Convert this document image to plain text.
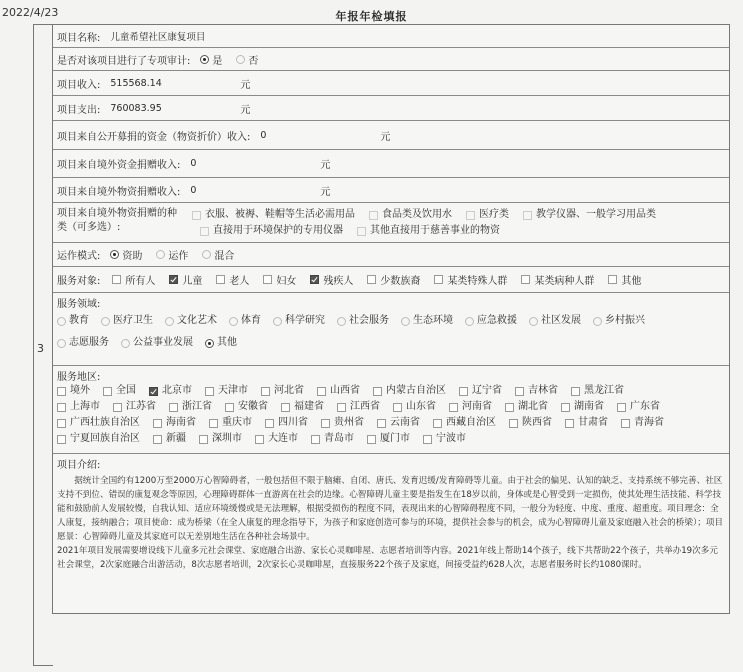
2022/4/23	年报年检填报
3
项目名称: 儿童希望社区康复项目
是否对该项目进行了专项审计: 是	否
项目收入: 515568.14	元
项目支出: 760083.95	元
项目来自公开募捐的资金（物资折价）收入: 0	元
项目来自境外资金捐赠收入: 0	元
项目来自境外物资捐赠收入: 0	元
项目来自境外物资捐赠的种
类（可多选）:
衣服、被褥、鞋帽等生活必需用品	食品类及饮用水	医疗类	教学仪器、一般学习用品类
直接用于环境保护的专用仪器	其他直接用于慈善事业的物资
运作模式: 资助	运作	混合
服务对象:	所有人	儿童	老人	妇女	残疾人	少数族裔	某类特殊人群	某类病种人群	其他
服务领域:
教育 医疗卫生 文化艺术 体育 科学研究 社会服务 生态环境 应急救援 社区发展 乡村振兴
志愿服务 公益事业发展 其他
服务地区:
境外	全国	北京市	天津市	河北省	山西省	内蒙古自治区	辽宁省	吉林省	黑龙江省
上海市	江苏省	浙江省	安徽省	福建省	江西省	山东省	河南省	湖北省	湖南省	广东省
广西壮族自治区	海南省	重庆市	四川省	贵州省	云南省	西藏自治区	陕西省	甘肃省	青海省
宁夏回族自治区	新疆	深圳市	大连市	青岛市	厦门市	宁波市
项目介绍:

据统计全国约有1200万至2000万心智障碍者，一般包括但不限于脑瘫、自闭、唐氏、发育迟缓/发育障碍等儿童。由于社会的偏见、认知的缺乏、支持系统不够完善、社区支持不到位、错误的康复观念等原因，心理障碍群体一直游离在社会的边缘。心智障碍儿童主要是指发生在18岁以前，身体或是心智受到一定损伤，使其处理生活技能、科学技能和鼓励前人发展较慢，自我认知、适应环境缓慢或是无法理解，根据受损伤的程度不同，表现出来的心智障碍程度不同，一般分为轻度、中度、重度、超重度。项目理念：全人康复，接纳融合；项目使命：成为桥梁（在全人康复的理念指导下，为孩子和家庭创造可参与的环境，提供社会参与的机会，成为心智障碍儿童及家庭融入社会的桥梁）；项目愿景：心智障碍儿童及其家庭可以无差别地生活在各种社会场景中。

2021年项目发展需要增设线下儿童多元社会课堂、家庭融合出游、家长心灵咖啡屋、志愿者培训等内容。2021年线上帮助14个孩子，线下共帮助22个孩子，共举办19次多元社会课堂，2次家庭融合出游活动，8次志愿者培训，2次家长心灵咖啡屋，直接服务22个孩子及家庭，间接受益约628人次，志愿者服务时长约1080课时。
